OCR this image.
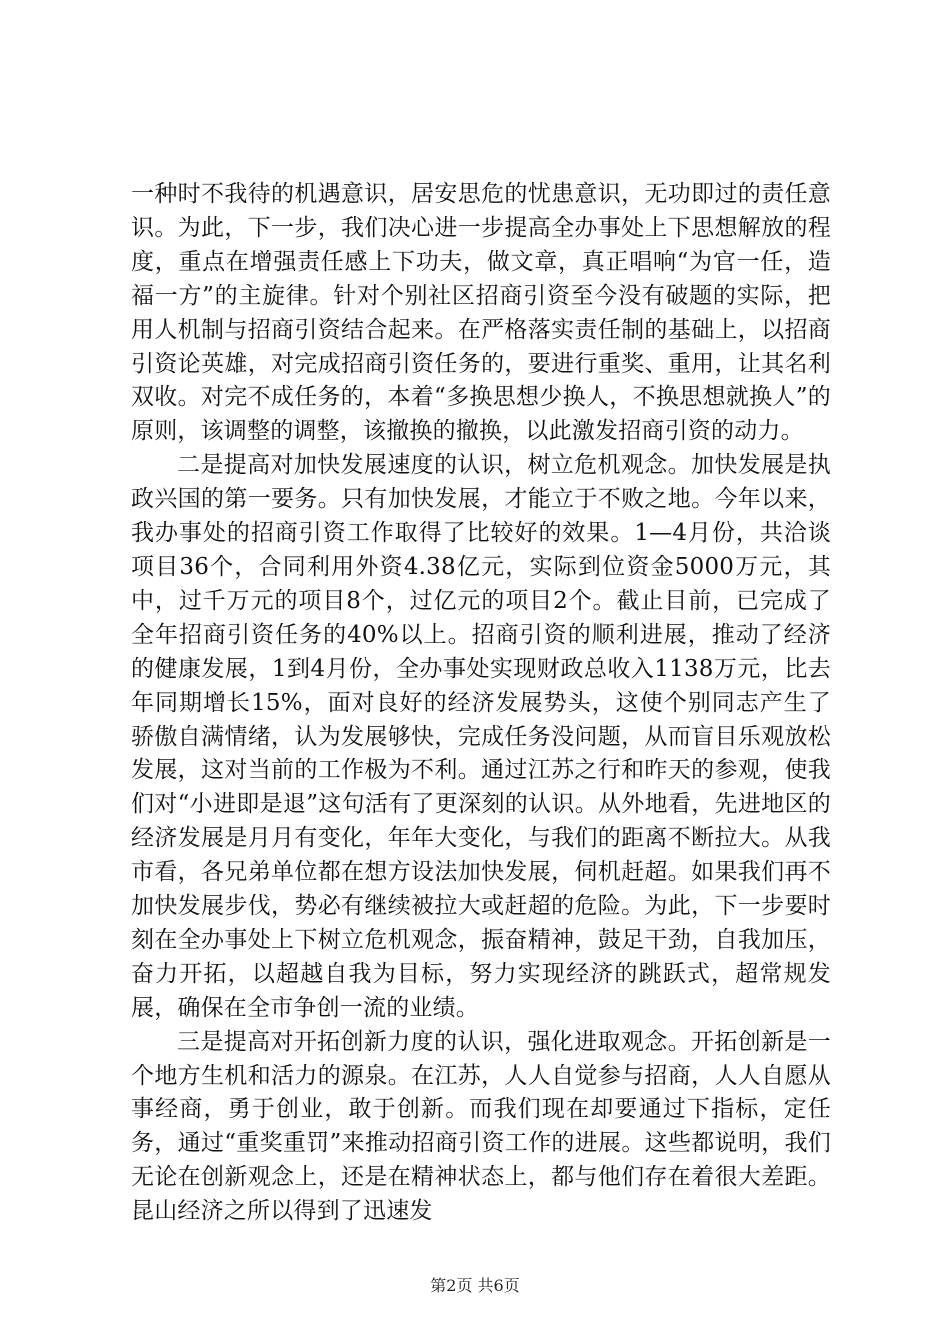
一种时不我待的机遇意识，居安思危的忧患意识，无功即过的责任意识。为此，下一步，我们决心进一步提高全办事处上下思想解放的程度，重点在增强责任感上下功夫，做文章，真正唱响“为官一任，造福一方”的主旋律。针对个别社区招商引资至今没有破题的实际，把用人机制与招商引资结合起来。在严格落实责任制的基础上，以招商引资论英雄，对完成招商引资任务的，要进行重奖、重用，让其名利双收。对完不成任务的，本着“多换思想少换人，不换思想就换人”的原则，该调整的调整，该撤换的撤换，以此激发招商引资的动力。

二是提高对加快发展速度的认识，树立危机观念。加快发展是执政兴国的第一要务。只有加快发展，才能立于不败之地。今年以来，我办事处的招商引资工作取得了比较好的效果。1—4月份，共洽谈项目36个，合同利用外资4.38亿元，实际到位资金5000万元，其中，过千万元的项目8个，过亿元的项目2个。截止目前，已完成了全年招商引资任务的40%以上。招商引资的顺利进展，推动了经济的健康发展，1到4月份，全办事处实现财政总收入1138万元，比去年同期增长15%，面对良好的经济发展势头，这使个别同志产生了骄傲自满情绪，认为发展够快，完成任务没问题，从而盲目乐观放松发展，这对当前的工作极为不利。通过江苏之行和昨天的参观，使我们对“小进即是退”这句活有了更深刻的认识。从外地看，先进地区的经济发展是月月有变化，年年大变化，与我们的距离不断拉大。从我市看，各兄弟单位都在想方设法加快发展，伺机赶超。如果我们再不加快发展步伐，势必有继续被拉大或赶超的危险。为此，下一步要时刻在全办事处上下树立危机观念，振奋精神，鼓足干劲，自我加压，奋力开拓，以超越自我为目标，努力实现经济的跳跃式，超常规发展，确保在全市争创一流的业绩。

三是提高对开拓创新力度的认识，强化进取观念。开拓创新是一个地方生机和活力的源泉。在江苏，人人自觉参与招商，人人自愿从事经商，勇于创业，敢于创新。而我们现在却要通过下指标，定任务，通过“重奖重罚”来推动招商引资工作的进展。这些都说明，我们无论在创新观念上，还是在精神状态上，都与他们存在着很大差距。昆山经济之所以得到了迅速发

第2页 共6页
